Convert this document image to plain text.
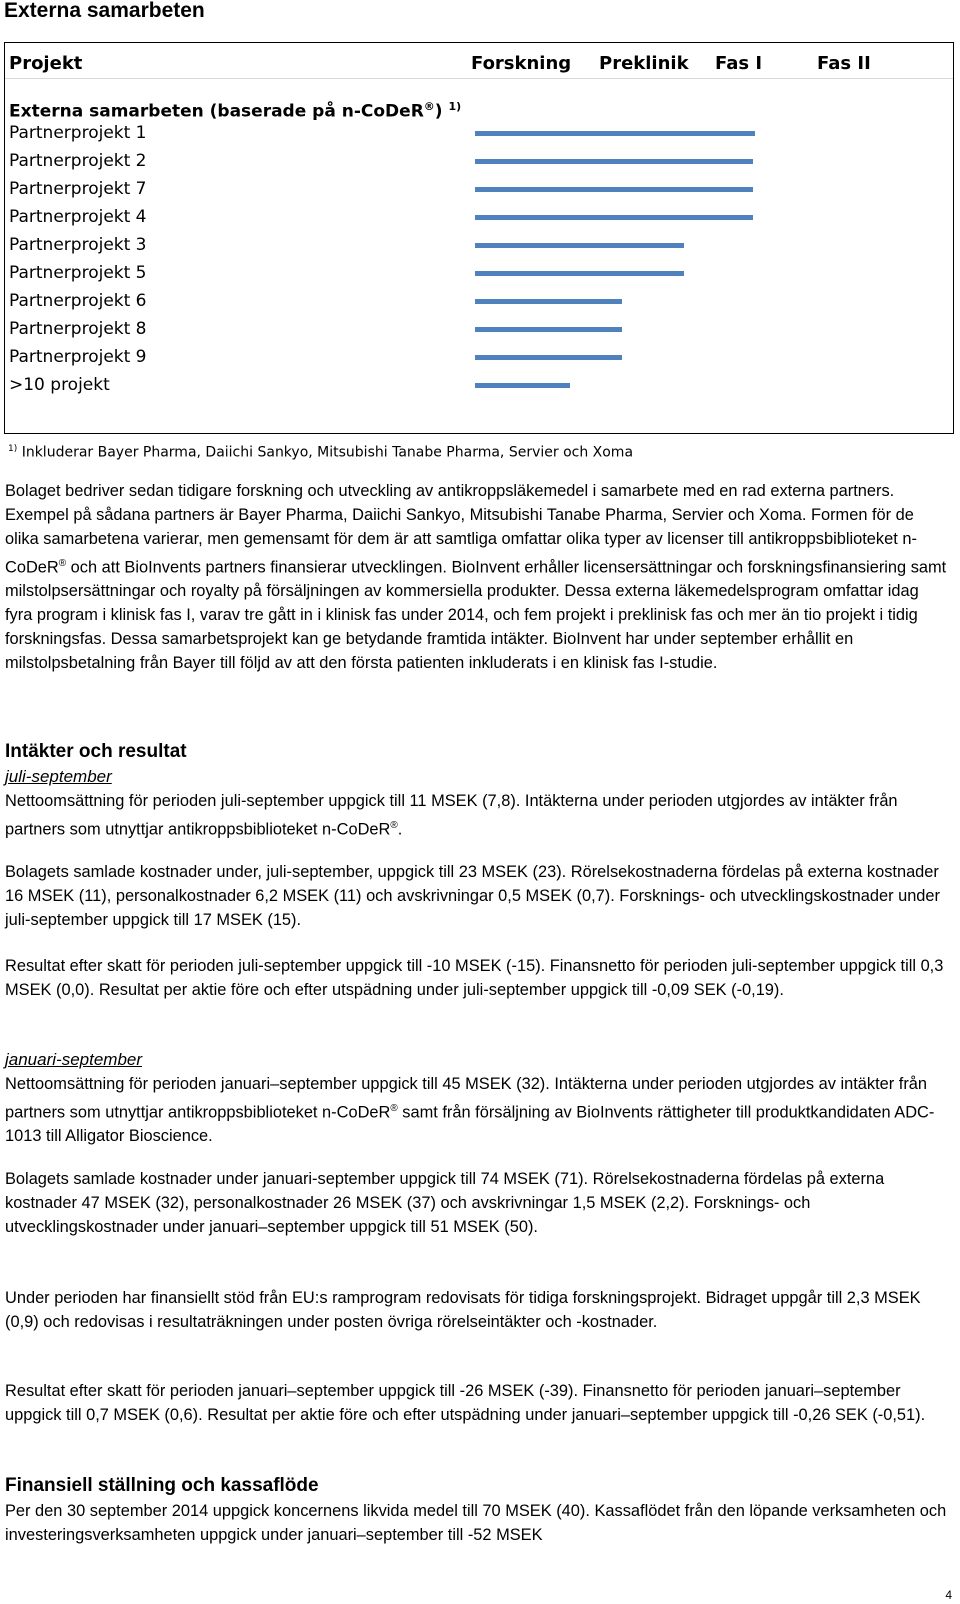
Externa samarbeten
Projekt	Forskning Preklinik Fas I	Fas II
Externa samarbeten (baserade på n-CoDeR®) $^{1)}$
Partnerprojekt 1
Partnerprojekt 2
Partnerprojekt 7
Partnerprojekt 4
Partnerprojekt 3
Partnerprojekt 5
Partnerprojekt 6
Partnerprojekt 8
Partnerprojekt 9
>10 projekt
$^{1)}$ Inkluderar Bayer Pharma, Daiichi Sankyo, Mitsubishi Tanabe Pharma, Servier och Xoma

Bolaget bedriver sedan tidigare forskning och utveckling av antikroppsläkemedel i samarbete med en rad externa partners. Exempel på sådana partners är Bayer Pharma, Daiichi Sankyo, Mitsubishi Tanabe Pharma, Servier och Xoma. Formen för de olika samarbetena varierar, men gemensamt för dem är att samtliga omfattar olika typer av licenser till antikroppsbiblioteket n-CoDeR® och att BioInvents partners finansierar utvecklingen. BioInvent erhåller licensersättningar och forskningsfinansiering samt milstolpsersättningar och royalty på försäljningen av kommersiella produkter. Dessa externa läkemedelsprogram omfattar idag fyra program i klinisk fas I, varav tre gått in i klinisk fas under 2014, och fem projekt i preklinisk fas och mer än tio projekt i tidig forskningsfas. Dessa samarbetsprojekt kan ge betydande framtida intäkter. BioInvent har under september erhållit en milstolpsbetalning från Bayer till följd av att den första patienten inkluderats i en klinisk fas I-studie.

Intäkter och resultat

juli-september

Nettoomsättning för perioden juli-september uppgick till 11 MSEK (7,8). Intäkterna under perioden utgjordes av intäkter från partners som utnyttjar antikroppsbiblioteket n-CoDeR®.

Bolagets samlade kostnader under, juli-september, uppgick till 23 MSEK (23). Rörelsekostnaderna fördelas på externa kostnader 16 MSEK (11), personalkostnader 6,2 MSEK (11) och avskrivningar 0,5 MSEK (0,7). Forsknings- och utvecklingskostnader under juli-september uppgick till 17 MSEK (15).

Resultat efter skatt för perioden juli-september uppgick till -10 MSEK (-15). Finansnetto för perioden juli-september uppgick till 0,3 MSEK (0,0). Resultat per aktie före och efter utspädning under juli-september uppgick till -0,09 SEK (-0,19).

januari-september

Nettoomsättning för perioden januari–september uppgick till 45 MSEK (32). Intäkterna under perioden utgjordes av intäkter från partners som utnyttjar antikroppsbiblioteket n-CoDeR® samt från försäljning av BioInvents rättigheter till produktkandidaten ADC-1013 till Alligator Bioscience.

Bolagets samlade kostnader under januari-september uppgick till 74 MSEK (71). Rörelsekostnaderna fördelas på externa kostnader 47 MSEK (32), personalkostnader 26 MSEK (37) och avskrivningar 1,5 MSEK (2,2). Forsknings- och utvecklingskostnader under januari–september uppgick till 51 MSEK (50).

Under perioden har finansiellt stöd från EU:s ramprogram redovisats för tidiga forskningsprojekt. Bidraget uppgår till 2,3 MSEK (0,9) och redovisas i resultaträkningen under posten övriga rörelseintäkter och -kostnader.

Resultat efter skatt för perioden januari–september uppgick till -26 MSEK (-39). Finansnetto för perioden januari–september uppgick till 0,7 MSEK (0,6). Resultat per aktie före och efter utspädning under januari–september uppgick till -0,26 SEK (-0,51).

Finansiell ställning och kassaflöde

Per den 30 september 2014 uppgick koncernens likvida medel till 70 MSEK (40). Kassaflödet från den löpande verksamheten och investeringsverksamheten uppgick under januari–september till -52 MSEK

4
